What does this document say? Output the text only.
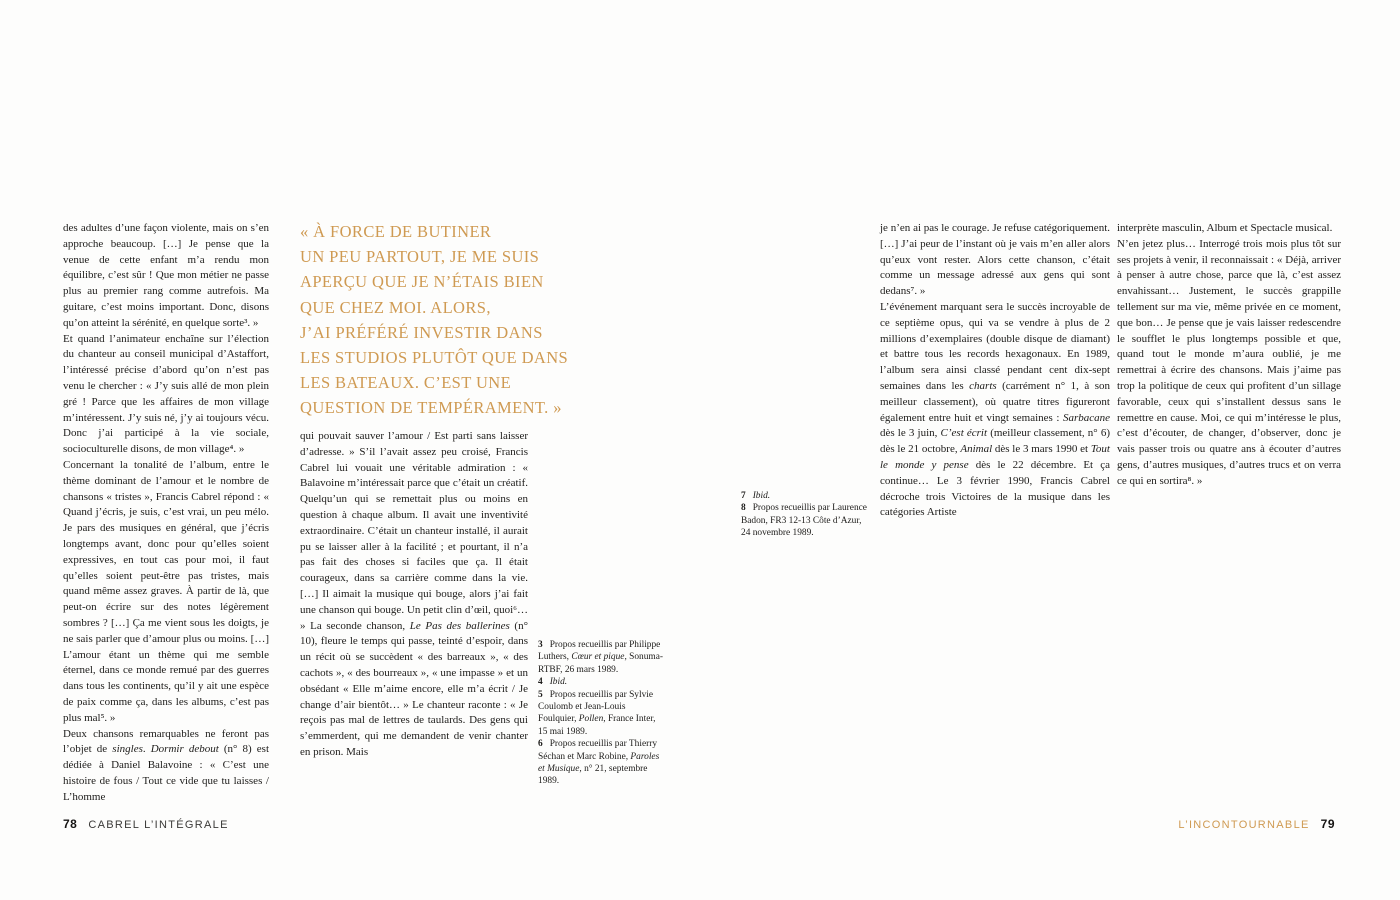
des adultes d’une façon violente, mais on s’en approche beaucoup. […] Je pense que la venue de cette enfant m’a rendu mon équilibre, c’est sûr ! Que mon métier ne passe plus au premier rang comme autrefois. Ma guitare, c’est moins important. Donc, disons qu’on atteint la sérénité, en quelque sorte³. »

Et quand l’animateur enchaîne sur l’élection du chanteur au conseil municipal d’Astaffort, l’intéressé précise d’abord qu’on n’est pas venu le chercher : « J’y suis allé de mon plein gré ! Parce que les affaires de mon village m’intéressent. J’y suis né, j’y ai toujours vécu. Donc j’ai participé à la vie sociale, socioculturelle disons, de mon village⁴. »

Concernant la tonalité de l’album, entre le thème dominant de l’amour et le nombre de chansons « tristes », Francis Cabrel répond : « Quand j’écris, je suis, c’est vrai, un peu mélo. Je pars des musiques en général, que j’écris longtemps avant, donc pour qu’elles soient expressives, en tout cas pour moi, il faut qu’elles soient peut-être pas tristes, mais quand même assez graves. À partir de là, que peut-on écrire sur des notes légèrement sombres ? […] Ça me vient sous les doigts, je ne sais parler que d’amour plus ou moins. […] L’amour étant un thème qui me semble éternel, dans ce monde remué par des guerres dans tous les continents, qu’il y ait une espèce de paix comme ça, dans les albums, c’est pas plus mal⁵. »

Deux chansons remarquables ne feront pas l’objet de singles. Dormir debout (n° 8) est dédiée à Daniel Balavoine : « C’est une histoire de fous / Tout ce vide que tu laisses / L’homme

« À FORCE DE BUTINER
UN PEU PARTOUT, JE ME SUIS
APERÇU QUE JE N’ÉTAIS BIEN
QUE CHEZ MOI. ALORS,
J’AI PRÉFÉRÉ INVESTIR DANS
LES STUDIOS PLUTÔT QUE DANS
LES BATEAUX. C’EST UNE
QUESTION DE TEMPÉRAMENT. »

qui pouvait sauver l’amour / Est parti sans laisser d’adresse. » S’il l’avait assez peu croisé, Francis Cabrel lui vouait une véritable admiration : « Balavoine m’intéressait parce que c’était un créatif. Quelqu’un qui se remettait plus ou moins en question à chaque album. Il avait une inventivité extraordinaire. C’était un chanteur installé, il aurait pu se laisser aller à la facilité ; et pourtant, il n’a pas fait des choses si faciles que ça. Il était courageux, dans sa carrière comme dans la vie. […] Il aimait la musique qui bouge, alors j’ai fait une chanson qui bouge. Un petit clin d’œil, quoi⁶… » La seconde chanson, Le Pas des ballerines (n° 10), fleure le temps qui passe, teinté d’espoir, dans un récit où se succèdent « des barreaux », « des cachots », « des bourreaux », « une impasse » et un obsédant « Elle m’aime encore, elle m’a écrit / Je change d’air bientôt… » Le chanteur raconte : « Je reçois pas mal de lettres de taulards. Des gens qui s’emmerdent, qui me demandent de venir chanter en prison. Mais

3 Propos recueillis par Philippe Luthers, Cœur et pique, Sonuma-RTBF, 26 mars 1989.
4 Ibid.
5 Propos recueillis par Sylvie Coulomb et Jean-Louis Foulquier, Pollen, France Inter, 15 mai 1989.
6 Propos recueillis par Thierry Séchan et Marc Robine, Paroles et Musique, n° 21, septembre 1989.
78 CABREL L’INTÉGRALE

je n’en ai pas le courage. Je refuse catégoriquement. […] J’ai peur de l’instant où je vais m’en aller alors qu’eux vont rester. Alors cette chanson, c’était comme un message adressé aux gens qui sont dedans⁷. »

L’événement marquant sera le succès incroyable de ce septième opus, qui va se vendre à plus de 2 millions d’exemplaires (double disque de diamant) et battre tous les records hexagonaux. En 1989, l’album sera ainsi classé pendant cent dix-sept semaines dans les charts (carrément n° 1, à son meilleur classement), où quatre titres figureront également entre huit et vingt semaines : Sarbacane dès le 3 juin, C’est écrit (meilleur classement, n° 6) dès le 21 octobre, Animal dès le 3 mars 1990 et Tout le monde y pense dès le 22 décembre. Et ça continue… Le 3 février 1990, Francis Cabrel décroche trois Victoires de la musique dans les catégories Artiste

7 Ibid.
8 Propos recueillis par Laurence Badon, FR3 12-13 Côte d’Azur, 24 novembre 1989.

interprète masculin, Album et Spectacle musical.

N’en jetez plus… Interrogé trois mois plus tôt sur ses projets à venir, il reconnaissait : « Déjà, arriver à penser à autre chose, parce que là, c’est assez envahissant… Justement, le succès grappille tellement sur ma vie, même privée en ce moment, que bon… Je pense que je vais laisser redescendre le soufflet le plus longtemps possible et que, quand tout le monde m’aura oublié, je me remettrai à écrire des chansons. Mais j’aime pas trop la politique de ceux qui profitent d’un sillage favorable, ceux qui s’installent dessus sans le remettre en cause. Moi, ce qui m’intéresse le plus, c’est d’écouter, de changer, d’observer, donc je vais passer trois ou quatre ans à écouter d’autres gens, d’autres musiques, d’autres trucs et on verra ce qui en sortira⁸. »

L’INCONTOURNABLE 79
